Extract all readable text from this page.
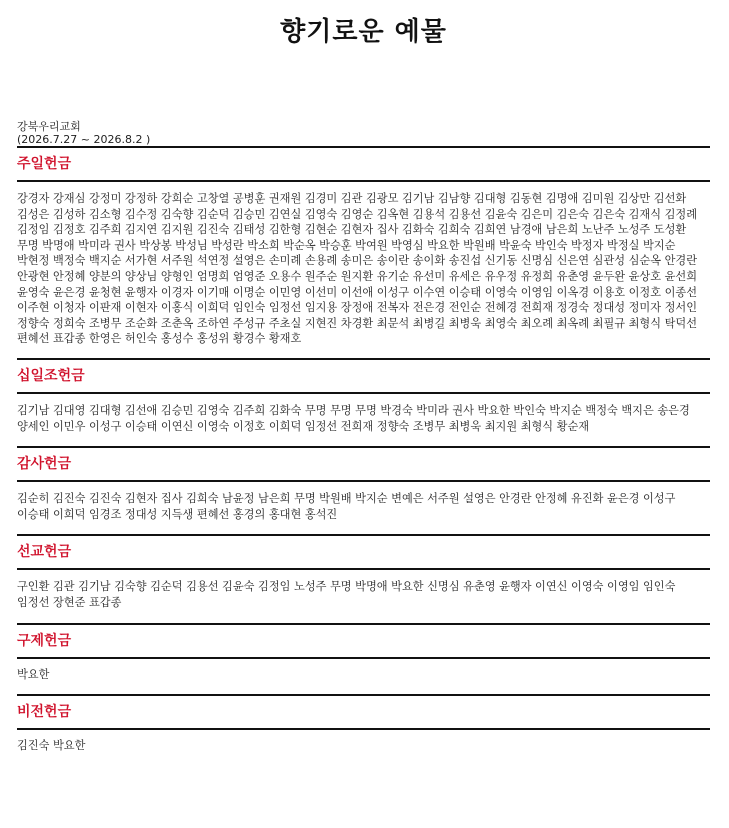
향기로운 예물
강북우리교회
(2026.7.27 ~ 2026.8.2 )
주일헌금
강경자 강재심 강정미 강정하 강희순 고창열 공병훈 권재원 김경미 김관 김광모 김기남 김남향 김대형 김동현 김명애 김미원 김상만 김선화 김성은 김성하 김소형 김수정 김숙향 김순덕 김승민 김연실 김영숙 김영순 김옥현 김용석 김용선 김윤숙 김은미 김은숙 김은숙 김재식 김정례 김정임 김정호 김주희 김지연 김지원 김진숙 김태성 김한형 김현순 김현자 집사 김화숙 김희숙 김희연 남경애 남은희 노난주 노성주 도성환 무명 박명애 박미라 권사 박상봉 박성님 박성란 박소희 박순옥 박승훈 박여원 박영심 박요한 박원배 박윤숙 박인숙 박정자 박정실 박지순 박현정 백정숙 백지순 서가현 서주원 석연정 설영은 손미례 손용례 송미은 송이란 송이화 송진섭 신기동 신명심 신은연 심관성 심순옥 안경란 안광현 안정혜 양분의 양상님 양형인 엄명희 엄영준 오용수 원주순 원지환 유기순 유선미 유세은 유우정 유정희 유춘영 윤두완 윤상호 윤선희 윤영숙 윤은경 윤청현 윤행자 이경자 이기매 이명순 이민영 이선미 이선애 이성구 이수연 이승태 이영숙 이영임 이옥경 이용호 이정호 이종선 이주현 이청자 이판재 이현자 이홍식 이희덕 임인숙 임정선 임지용 장정애 전복자 전은경 전인순 전혜경 전희재 정경숙 정대성 정미자 정서인 정향숙 정희숙 조병무 조순화 조춘옥 조하연 주성규 주초실 지현진 차경환 최문석 최병길 최병욱 최영숙 최오례 최옥례 최필규 최형식 탁덕선 편혜선 표갑종 한영은 허인숙 홍성수 홍성위 황경수 황재호
십일조헌금
김기남 김대영 김대형 김선애 김승민 김영숙 김주희 김화숙 무명 무명 무명 박경숙 박미라 권사 박요한 박인숙 박지순 백정숙 백지은 송은경 양세인 이민우 이성구 이승태 이연신 이영숙 이정호 이희덕 임정선 전희재 정향숙 조병무 최병욱 최지원 최형식 황순재
감사헌금
김순히 김진숙 김진숙 김현자 집사 김희숙 남윤정 남은희 무명 박원배 박지순 변예은 서주원 설영은 안경란 안정혜 유진화 윤은경 이성구 이승태 이희덕 임경조 정대성 지득생 편혜선 홍경의 홍대현 홍석진
선교헌금
구인환 김관 김기남 김숙향 김순덕 김용선 김윤숙 김정임 노성주 무명 박명애 박요한 신명심 유춘영 윤행자 이연신 이영숙 이영임 임인숙 임정선 장현준 표갑종
구제헌금
박요한
비전헌금
김진숙 박요한
